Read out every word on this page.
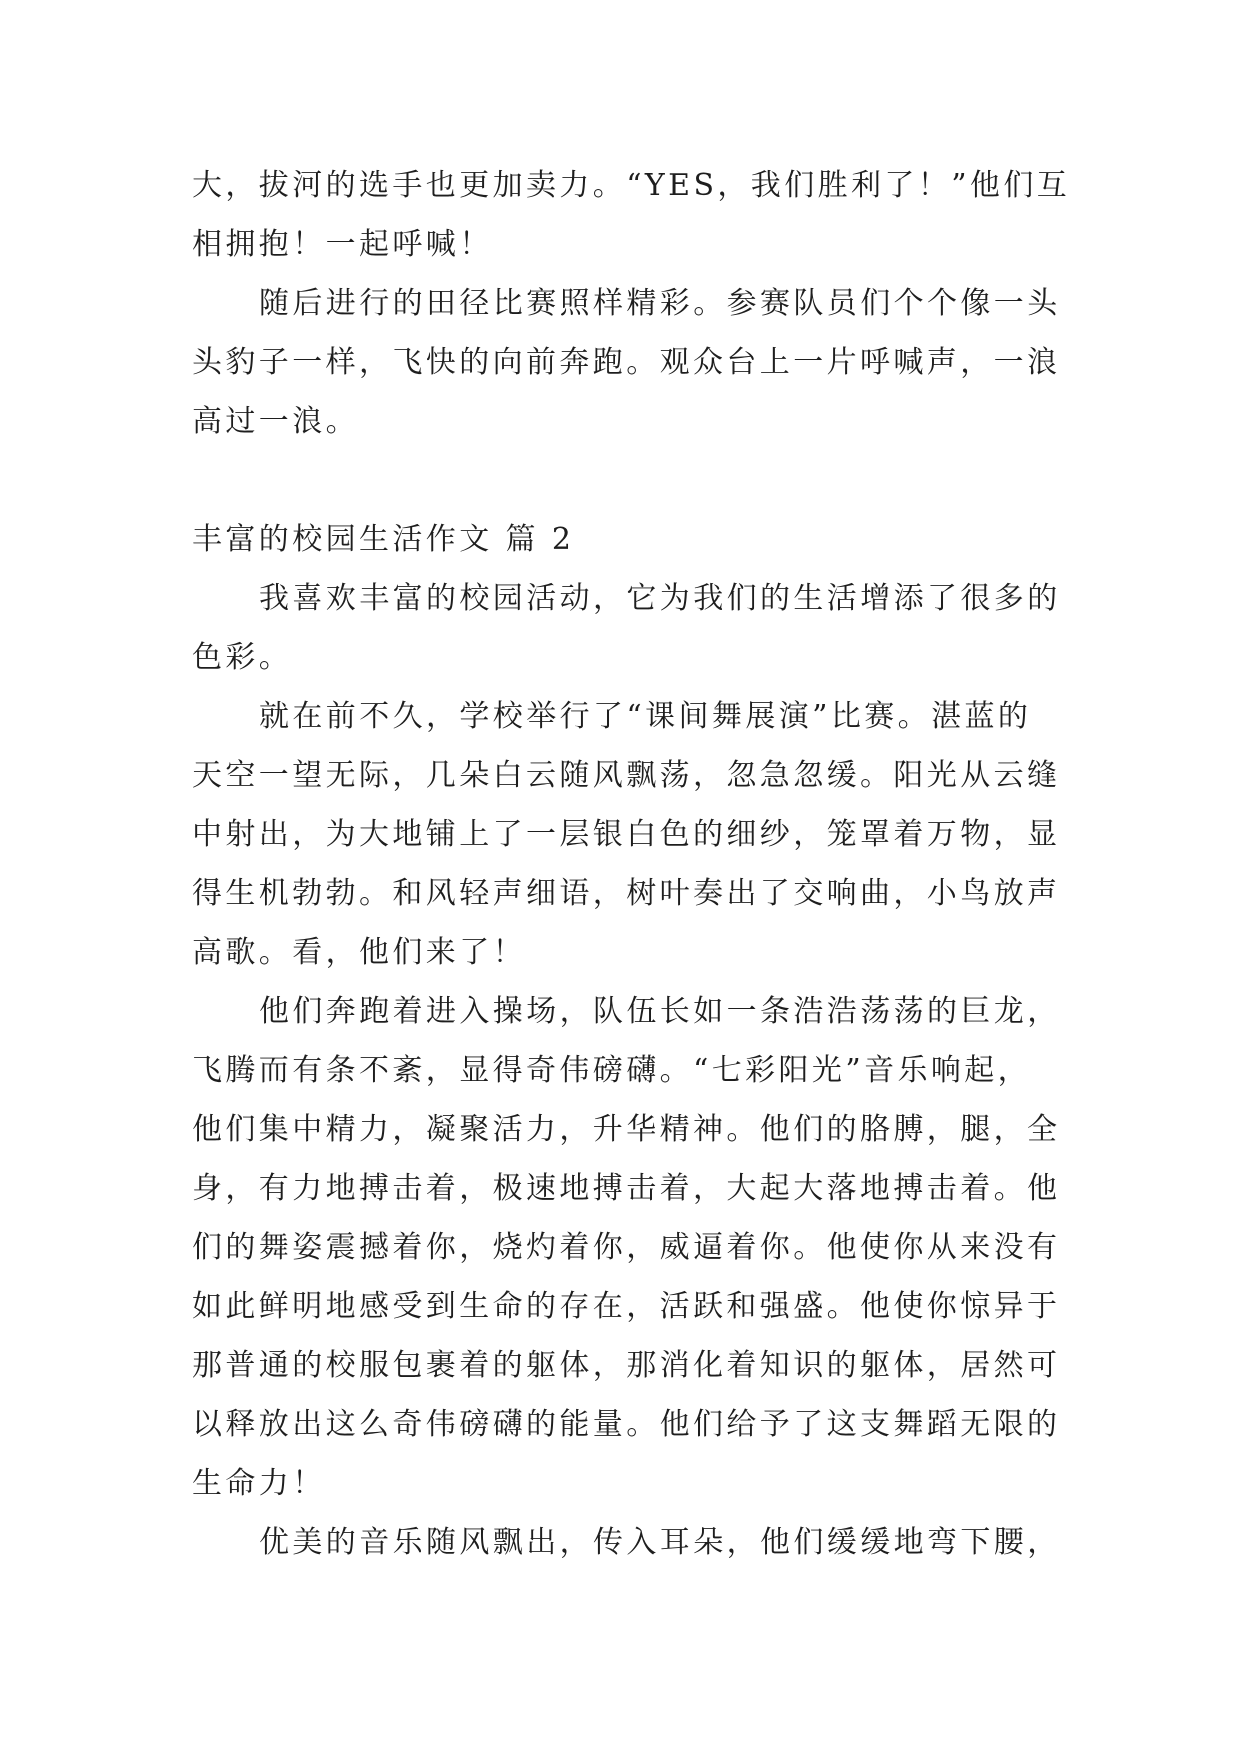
大，拔河的选手也更加卖力。“YES，我们胜利了！”他们互
相拥抱！一起呼喊！
随后进行的田径比赛照样精彩。参赛队员们个个像一头
头豹子一样，飞快的向前奔跑。观众台上一片呼喊声，一浪
高过一浪。
丰富的校园生活作文 篇 2
我喜欢丰富的校园活动，它为我们的生活增添了很多的
色彩。
就在前不久，学校举行了“课间舞展演”比赛。湛蓝的
天空一望无际，几朵白云随风飘荡，忽急忽缓。阳光从云缝
中射出，为大地铺上了一层银白色的细纱，笼罩着万物，显
得生机勃勃。和风轻声细语，树叶奏出了交响曲，小鸟放声
高歌。看，他们来了！
他们奔跑着进入操场，队伍长如一条浩浩荡荡的巨龙，
飞腾而有条不紊，显得奇伟磅礴。“七彩阳光”音乐响起，
他们集中精力，凝聚活力，升华精神。他们的胳膊，腿，全
身，有力地搏击着，极速地搏击着，大起大落地搏击着。他
们的舞姿震撼着你，烧灼着你，威逼着你。他使你从来没有
如此鲜明地感受到生命的存在，活跃和强盛。他使你惊异于
那普通的校服包裹着的躯体，那消化着知识的躯体，居然可
以释放出这么奇伟磅礴的能量。他们给予了这支舞蹈无限的
生命力！
优美的音乐随风飘出，传入耳朵，他们缓缓地弯下腰，
